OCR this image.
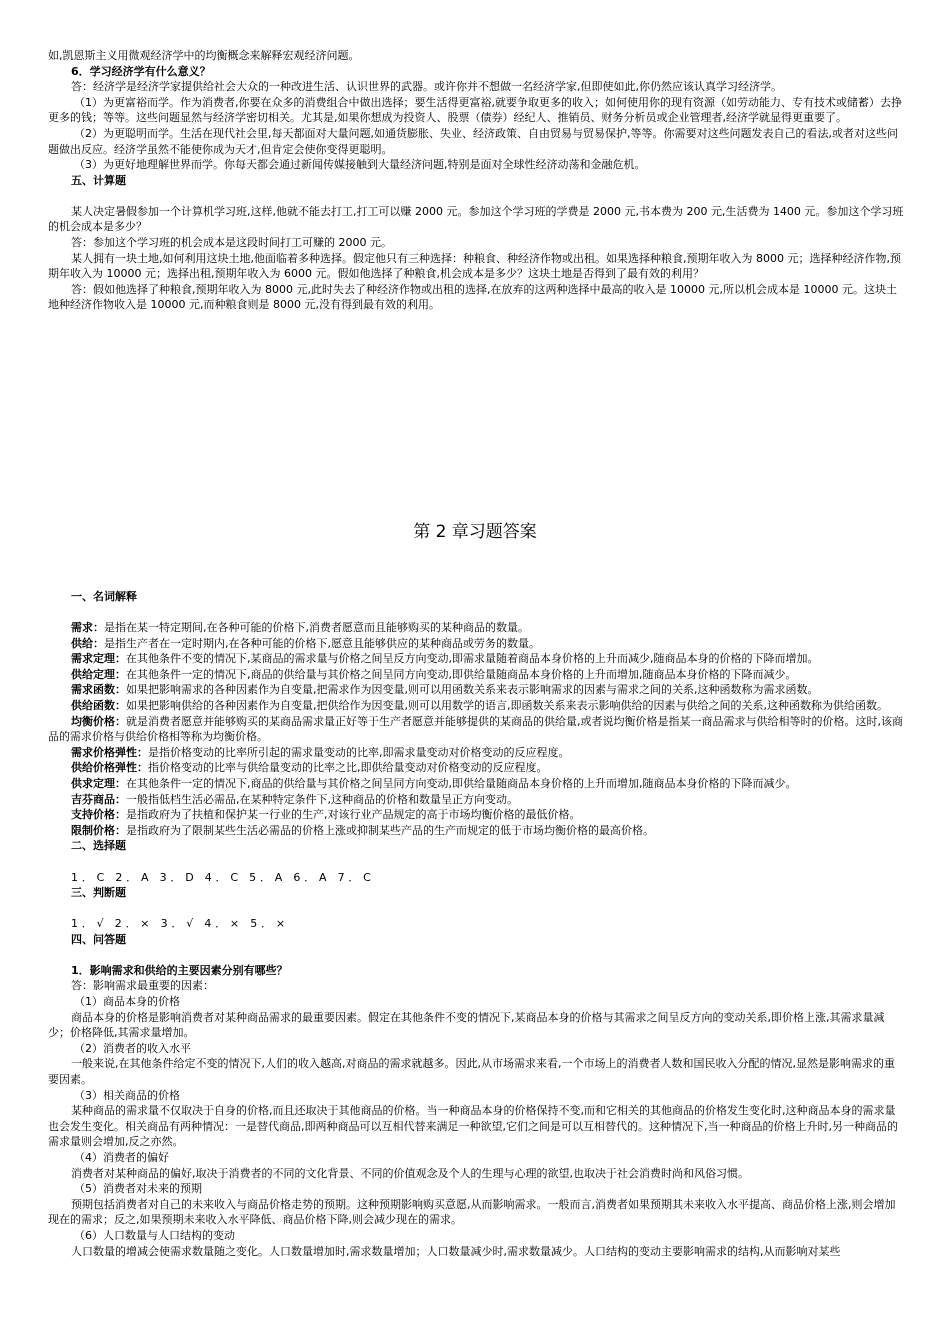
如,凯恩斯主义用微观经济学中的均衡概念来解释宏观经济问题。

6．学习经济学有什么意义？

答：经济学是经济学家提供给社会大众的一种改进生活、认识世界的武器。或许你并不想做一名经济学家,但即使如此,你仍然应该认真学习经济学。

（1）为更富裕而学。作为消费者,你要在众多的消费组合中做出选择；要生活得更富裕,就要争取更多的收入；如何使用你的现有资源（如劳动能力、专有技术或储蓄）去挣更多的钱；等等。这些问题显然与经济学密切相关。尤其是,如果你想成为投资人、股票（债券）经纪人、推销员、财务分析员或企业管理者,经济学就显得更重要了。

（2）为更聪明而学。生活在现代社会里,每天都面对大量问题,如通货膨胀、失业、经济政策、自由贸易与贸易保护,等等。你需要对这些问题发表自己的看法,或者对这些问题做出反应。经济学虽然不能使你成为天才,但肯定会使你变得更聪明。

（3）为更好地理解世界而学。你每天都会通过新闻传媒接触到大量经济问题,特别是面对全球性经济动荡和金融危机。

五、计算题

某人决定暑假参加一个计算机学习班,这样,他就不能去打工,打工可以赚 2000 元。参加这个学习班的学费是 2000 元,书本费为 200 元,生活费为 1400 元。参加这个学习班的机会成本是多少？

答：参加这个学习班的机会成本是这段时间打工可赚的 2000 元。

某人拥有一块土地,如何利用这块土地,他面临着多种选择。假定他只有三种选择：种粮食、种经济作物或出租。如果选择种粮食,预期年收入为 8000 元；选择种经济作物,预期年收入为 10000 元；选择出租,预期年收入为 6000 元。假如他选择了种粮食,机会成本是多少？这块土地是否得到了最有效的利用？

答：假如他选择了种粮食,预期年收入为 8000 元,此时失去了种经济作物或出租的选择,在放弃的这两种选择中最高的收入是 10000 元,所以机会成本是 10000 元。这块土地种经济作物收入是 10000 元,而种粮食则是 8000 元,没有得到最有效的利用。

第 2 章习题答案

一、名词解释

需求：是指在某一特定期间,在各种可能的价格下,消费者愿意而且能够购买的某种商品的数量。

供给：是指生产者在一定时期内,在各种可能的价格下,愿意且能够供应的某种商品或劳务的数量。

需求定理：在其他条件不变的情况下,某商品的需求量与价格之间呈反方向变动,即需求量随着商品本身价格的上升而减少,随商品本身的价格的下降而增加。

供给定理：在其他条件一定的情况下,商品的供给量与其价格之间呈同方向变动,即供给量随商品本身价格的上升而增加,随商品本身价格的下降而减少。

需求函数：如果把影响需求的各种因素作为自变量,把需求作为因变量,则可以用函数关系来表示影响需求的因素与需求之间的关系,这种函数称为需求函数。

供给函数：如果把影响供给的各种因素作为自变量,把供给作为因变量,则可以用数学的语言,即函数关系来表示影响供给的因素与供给之间的关系,这种函数称为供给函数。

均衡价格：就是消费者愿意并能够购买的某商品需求量正好等于生产者愿意并能够提供的某商品的供给量,或者说均衡价格是指某一商品需求与供给相等时的价格。这时,该商品的需求价格与供给价格相等称为均衡价格。

需求价格弹性：是指价格变动的比率所引起的需求量变动的比率,即需求量变动对价格变动的反应程度。

供给价格弹性：指价格变动的比率与供给量变动的比率之比,即供给量变动对价格变动的反应程度。

供求定理：在其他条件一定的情况下,商品的供给量与其价格之间呈同方向变动,即供给量随商品本身价格的上升而增加,随商品本身价格的下降而减少。

吉芬商品：一般指低档生活必需品,在某种特定条件下,这种商品的价格和数量呈正方向变动。

支持价格：是指政府为了扶植和保护某一行业的生产,对该行业产品规定的高于市场均衡价格的最低价格。

限制价格：是指政府为了限制某些生活必需品的价格上涨或抑制某些产品的生产而规定的低于市场均衡价格的最高价格。

二、选择题

1．C 2．A 3．D 4．C 5．A 6．A 7．C

三、判断题

1．√ 2．× 3．√ 4．× 5．×

四、问答题

1．影响需求和供给的主要因素分别有哪些？

答：影响需求最重要的因素：

（1）商品本身的价格

商品本身的价格是影响消费者对某种商品需求的最重要因素。假定在其他条件不变的情况下,某商品本身的价格与其需求之间呈反方向的变动关系,即价格上涨,其需求量减少；价格降低,其需求量增加。

（2）消费者的收入水平

一般来说,在其他条件给定不变的情况下,人们的收入越高,对商品的需求就越多。因此,从市场需求来看,一个市场上的消费者人数和国民收入分配的情况,显然是影响需求的重要因素。

（3）相关商品的价格

某种商品的需求量不仅取决于自身的价格,而且还取决于其他商品的价格。当一种商品本身的价格保持不变,而和它相关的其他商品的价格发生变化时,这种商品本身的需求量也会发生变化。相关商品有两种情况：一是替代商品,即两种商品可以互相代替来满足一种欲望,它们之间是可以互相替代的。这种情况下,当一种商品的价格上升时,另一种商品的需求量则会增加,反之亦然。

（4）消费者的偏好

消费者对某种商品的偏好,取决于消费者的不同的文化背景、不同的价值观念及个人的生理与心理的欲望,也取决于社会消费时尚和风俗习惯。

（5）消费者对未来的预期

预期包括消费者对自己的未来收入与商品价格走势的预期。这种预期影响购买意愿,从而影响需求。一般而言,消费者如果预期其未来收入水平提高、商品价格上涨,则会增加现在的需求；反之,如果预期未来收入水平降低、商品价格下降,则会减少现在的需求。

（6）人口数量与人口结构的变动

人口数量的增减会使需求数量随之变化。人口数量增加时,需求数量增加；人口数量减少时,需求数量减少。人口结构的变动主要影响需求的结构,从而影响对某些
